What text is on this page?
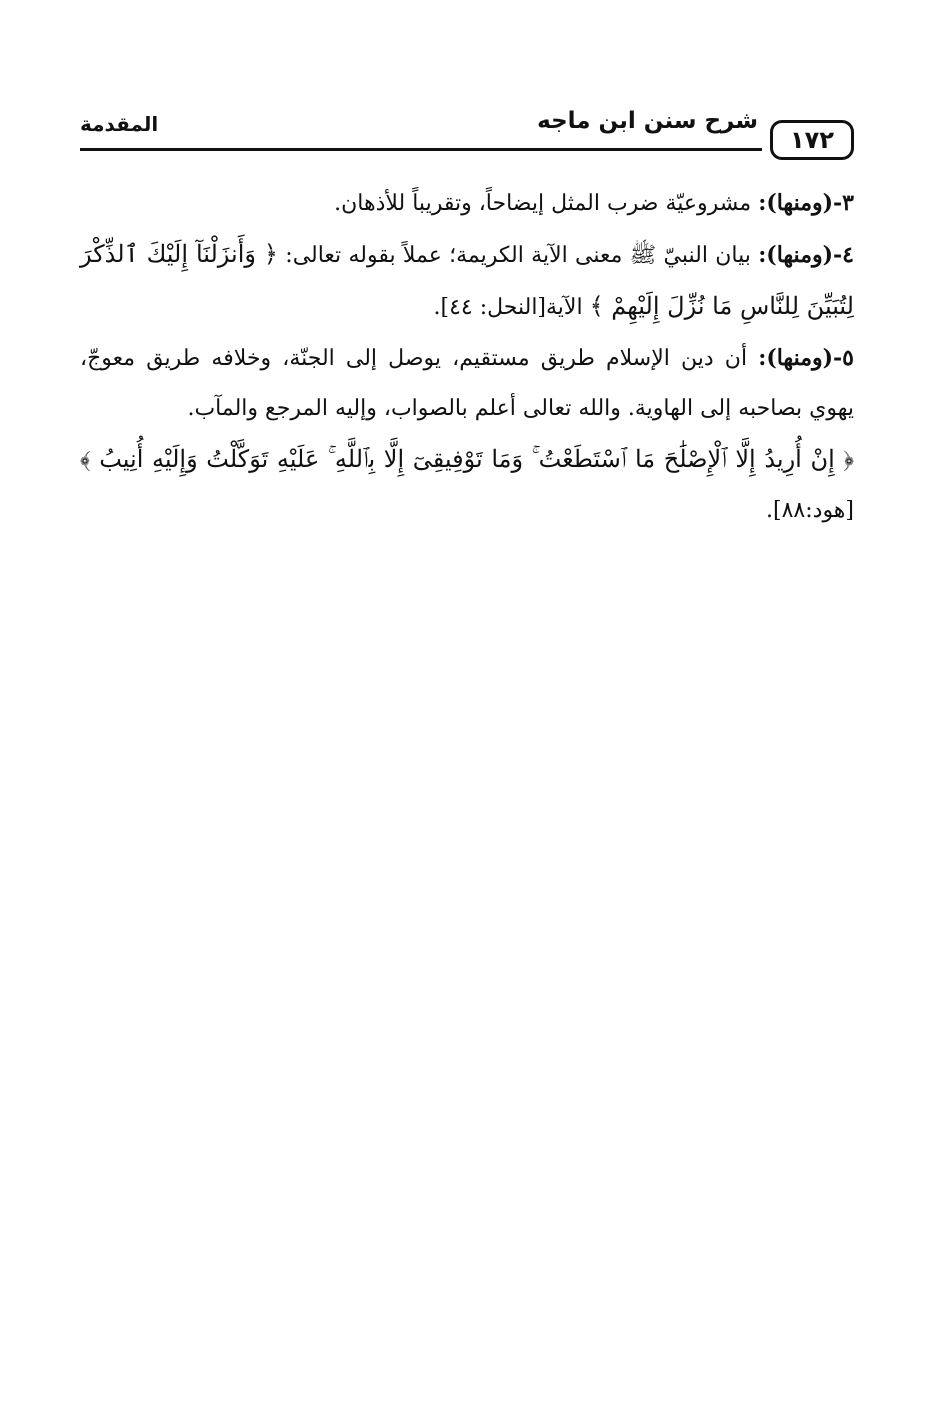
١٧٢
شرح سنن ابن ماجه
المقدمة

٣-(ومنها): مشروعيّة ضرب المثل إيضاحاً، وتقريباً للأذهان.

٤-(ومنها): بيان النبيّ ﷺ معنى الآية الكريمة؛ عملاً بقوله تعالى: ﴿ وَأَنزَلْنَآ إِلَيْكَ ٱلذِّكْرَ لِتُبَيِّنَ لِلنَّاسِ مَا نُزِّلَ إِلَيْهِمْ ﴾ الآية[النحل: ٤٤].

٥-(ومنها): أن دين الإسلام طريق مستقيم، يوصل إلى الجنّة، وخلافه طريق معوجّ، يهوي بصاحبه إلى الهاوية. والله تعالى أعلم بالصواب، وإليه المرجع والمآب.

﴿ إِنْ أُرِيدُ إِلَّا ٱلْإِصْلَٰحَ مَا ٱسْتَطَعْتُ ۚ وَمَا تَوْفِيقِىٓ إِلَّا بِٱللَّهِ ۚ عَلَيْهِ تَوَكَّلْتُ وَإِلَيْهِ أُنِيبُ ﴾ [هود:٨٨].
